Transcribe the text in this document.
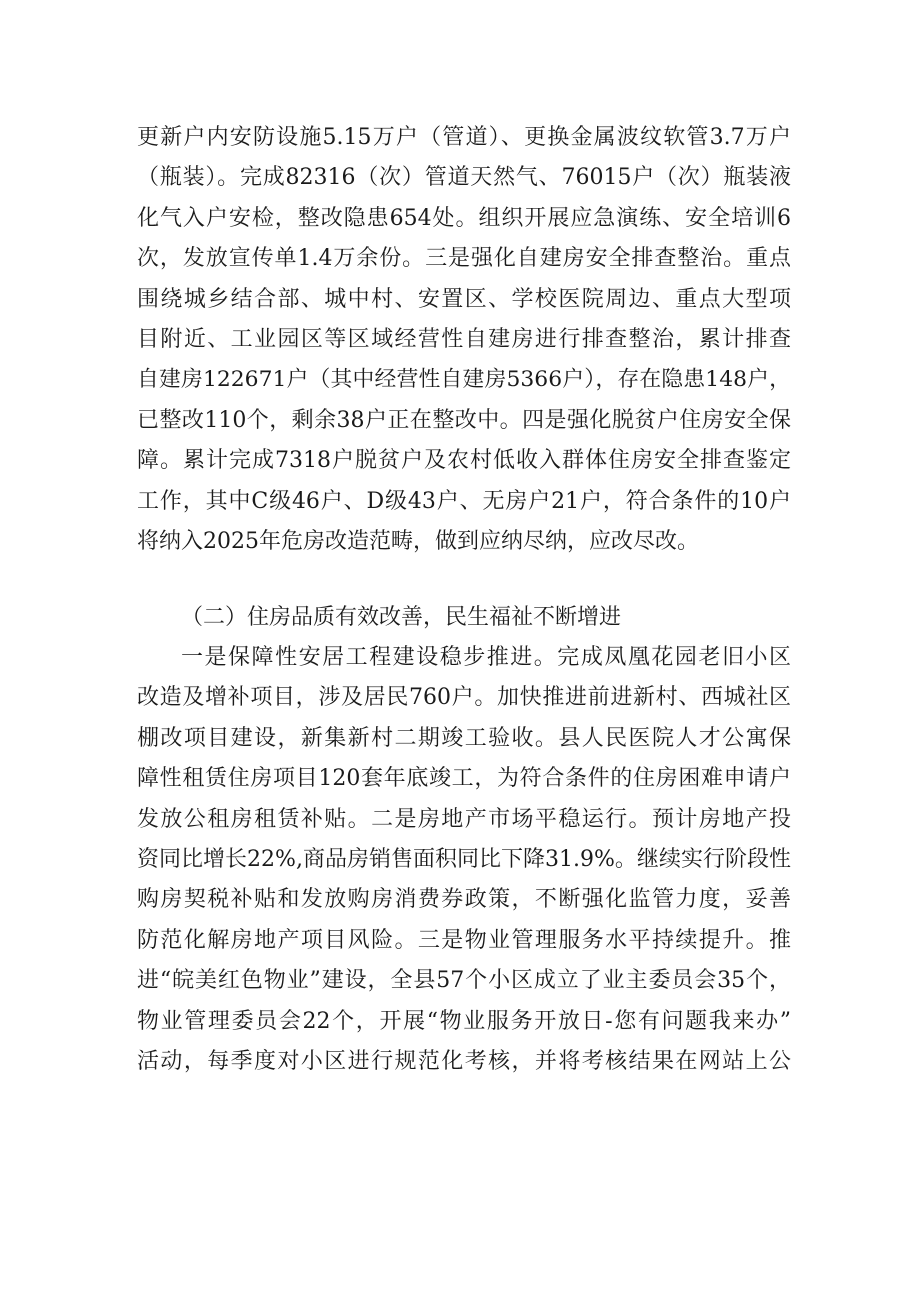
更新户内安防设施5.15万户（管道）、更换金属波纹软管3.7万户
（瓶装）。完成82316（次）管道天然气、76015户（次）瓶装液
化气入户安检，整改隐患654处。组织开展应急演练、安全培训6
次，发放宣传单1.4万余份。三是强化自建房安全排查整治。重点
围绕城乡结合部、城中村、安置区、学校医院周边、重点大型项
目附近、工业园区等区域经营性自建房进行排查整治，累计排查
自建房122671户（其中经营性自建房5366户），存在隐患148户，
已整改110个，剩余38户正在整改中。四是强化脱贫户住房安全保
障。累计完成7318户脱贫户及农村低收入群体住房安全排查鉴定
工作，其中C级46户、D级43户、无房户21户，符合条件的10户
将纳入2025年危房改造范畴，做到应纳尽纳，应改尽改。
（二）住房品质有效改善，民生福祉不断增进
一是保障性安居工程建设稳步推进。完成凤凰花园老旧小区
改造及增补项目，涉及居民760户。加快推进前进新村、西城社区
棚改项目建设，新集新村二期竣工验收。县人民医院人才公寓保
障性租赁住房项目120套年底竣工，为符合条件的住房困难申请户
发放公租房租赁补贴。二是房地产市场平稳运行。预计房地产投
资同比增长22%,商品房销售面积同比下降31.9%。继续实行阶段性
购房契税补贴和发放购房消费券政策，不断强化监管力度，妥善
防范化解房地产项目风险。三是物业管理服务水平持续提升。推
进“皖美红色物业”建设，全县57个小区成立了业主委员会35个，
物业管理委员会22个，开展“物业服务开放日-您有问题我来办”
活动，每季度对小区进行规范化考核，并将考核结果在网站上公
